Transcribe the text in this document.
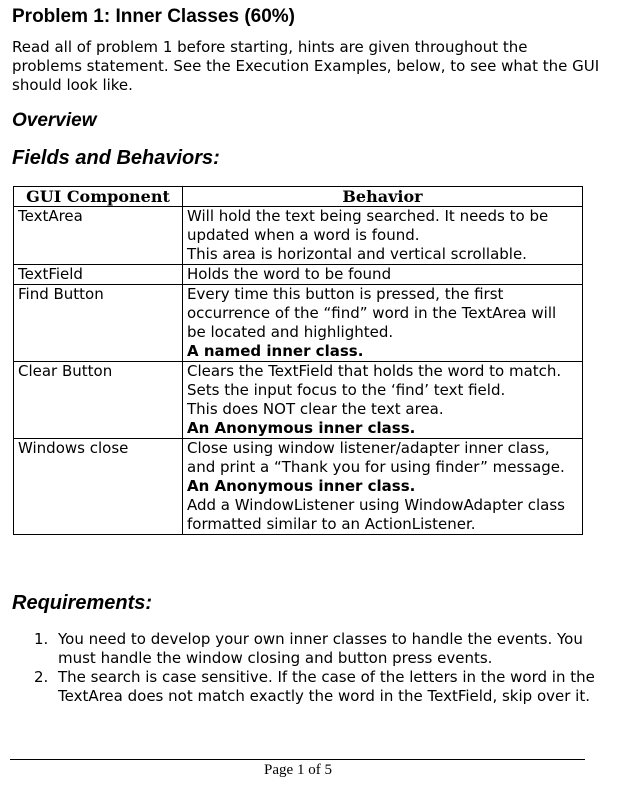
Problem 1: Inner Classes (60%)

Read all of problem 1 before starting, hints are given throughout the problems statement. See the Execution Examples, below, to see what the GUI should look like.

Overview
Fields and Behaviors:
GUI Component	Behavior
TextArea	Will hold the text being searched. It needs to be updated when a word is found.
This area is horizontal and vertical scrollable.

TextField	Holds the word to be found

Find Button	Every time this button is pressed, the first occurrence of the “find” word in the TextArea will be located and highlighted.
A named inner class.

Clear Button	Clears the TextField that holds the word to match.
Sets the input focus to the ‘find’ text field.
This does NOT clear the text area.
An Anonymous inner class.

Windows close	Close using window listener/adapter inner class, and print a “Thank you for using finder” message.
An Anonymous inner class.
Add a WindowListener using WindowAdapter class formatted similar to an ActionListener.
Requirements:
1. You need to develop your own inner classes to handle the events. You must handle the window closing and button press events.
2. The search is case sensitive. If the case of the letters in the word in the TextArea does not match exactly the word in the TextField, skip over it.
Page 1 of 5
